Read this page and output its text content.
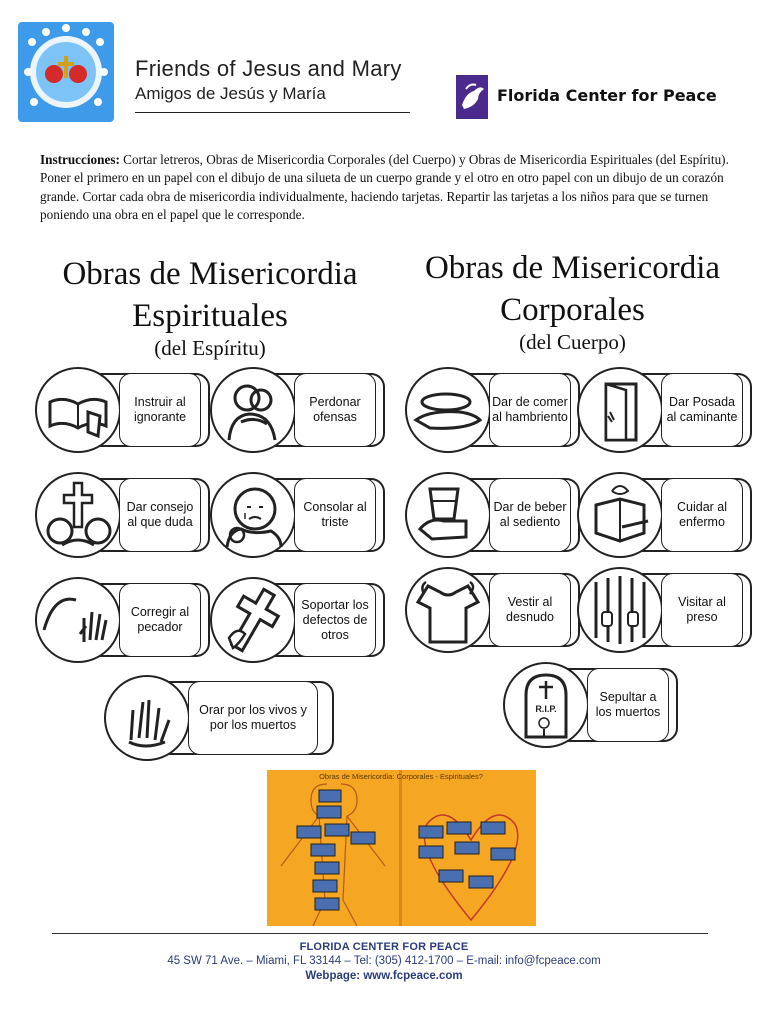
Friends of Jesus and Mary
Amigos de Jesús y María	Florida Center for Peace
Instrucciones: Cortar letreros, Obras de Misericordia Corporales (del Cuerpo) y Obras de Misericordia Espirituales (del Espíritu). Poner el primero en un papel con el dibujo de una silueta de un cuerpo grande y el otro en otro papel con un dibujo de un corazón grande. Cortar cada obra de misericordia individualmente, haciendo tarjetas. Repartir las tarjetas a los niños para que se turnen poniendo una obra en el papel que le corresponde.
Obras de Misericordia
Espirituales
(del Espíritu)
Obras de Misericordia
Corporales
(del Cuerpo)
Instruir al ignorante
Perdonar ofensas
Dar consejo al que duda
Consolar al triste
Corregir al pecador
Soportar los defectos de otros
Orar por los vivos y por los muertos
Dar de comer al hambriento
Dar Posada al caminante
Dar de beber al sediento
Cuidar al enfermo
Vestir al desnudo
Visitar al preso
R.I.P.
Sepultar a los muertos
Obras de Misericordia: Corporales - Espirituales?
FLORIDA CENTER FOR PEACE
45 SW 71 Ave. – Miami, FL 33144 – Tel: (305) 412-1700 – E-mail: info@fcpeace.com
Webpage: www.fcpeace.com
